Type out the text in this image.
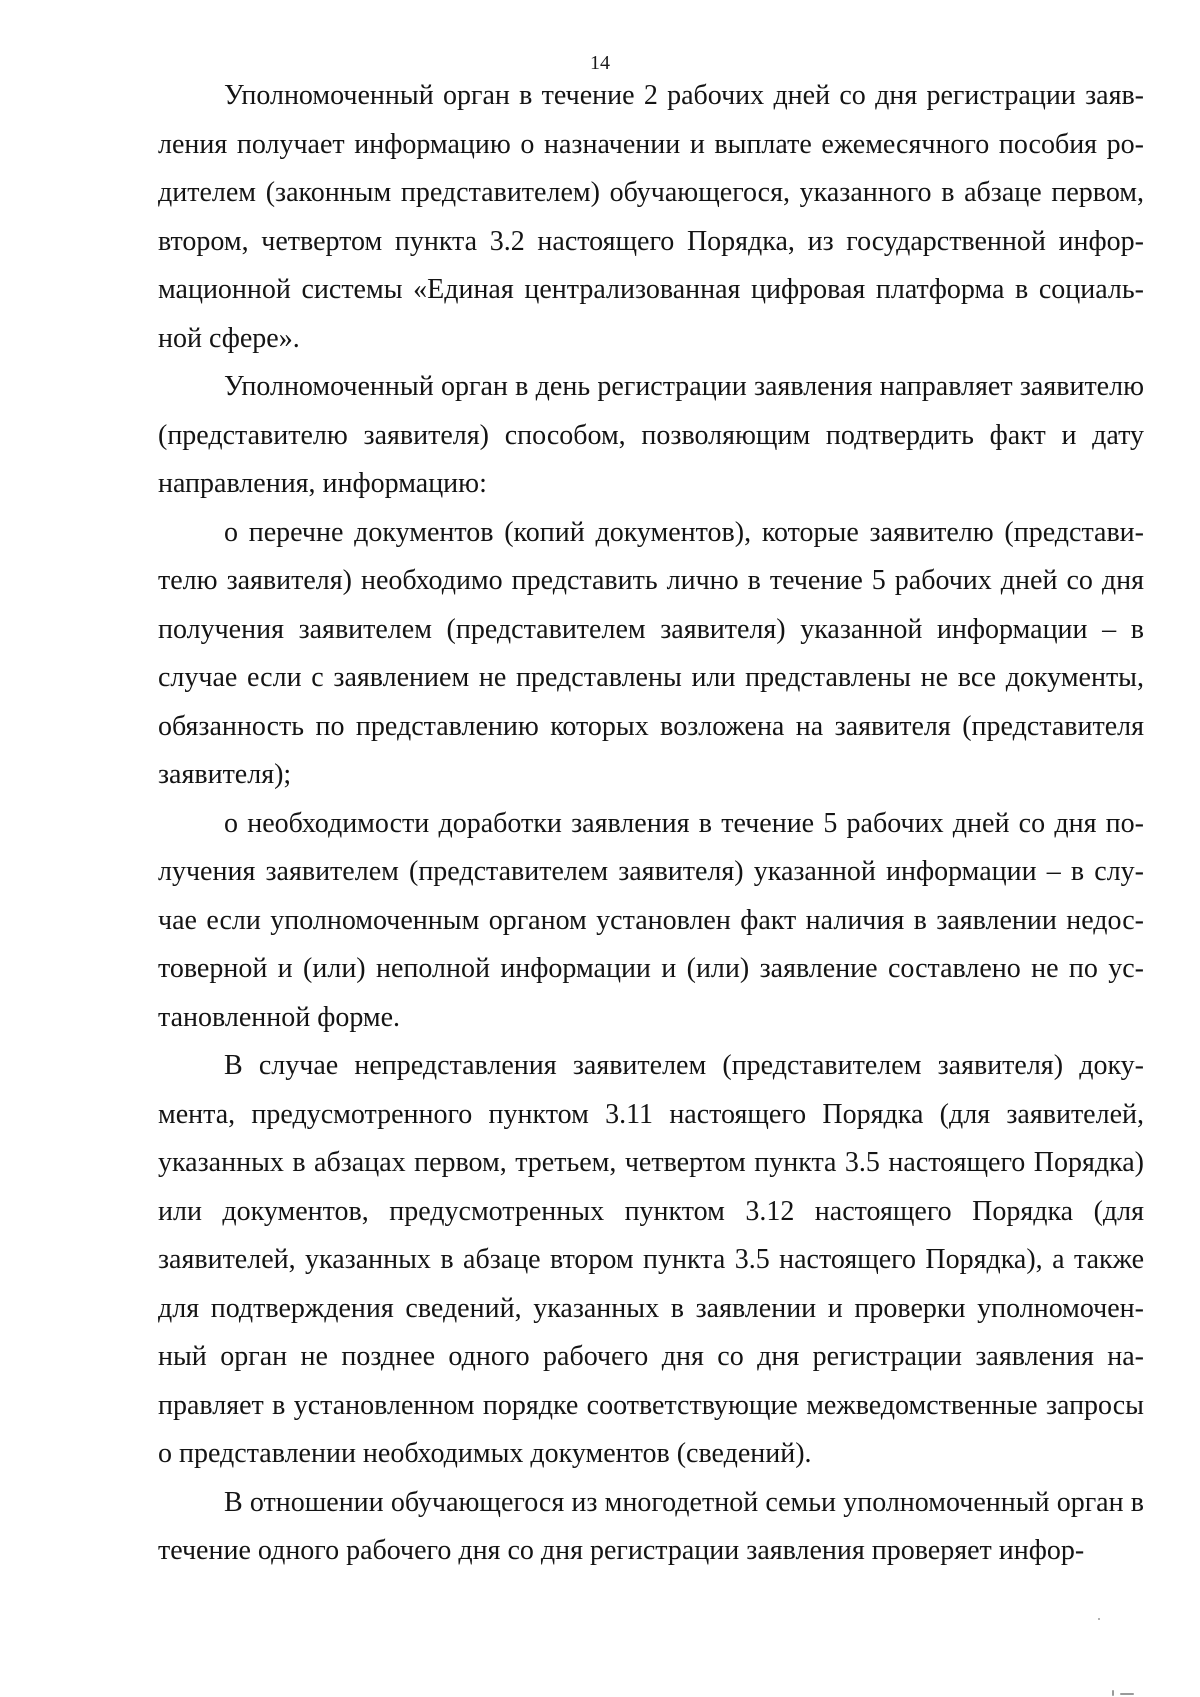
14

Уполномоченный орган в течение 2 рабочих дней со дня регистрации заявления получает информацию о назначении и выплате ежемесячного пособия родителем (законным представителем) обучающегося, указанного в абзаце первом, втором, четвертом пункта 3.2 настоящего Порядка, из государственной информационной системы «Единая централизованная цифровая платформа в социальной сфере».

Уполномоченный орган в день регистрации заявления направляет заявителю (представителю заявителя) способом, позволяющим подтвердить факт и дату направления, информацию:

о перечне документов (копий документов), которые заявителю (представителю заявителя) необходимо представить лично в течение 5 рабочих дней со дня получения заявителем (представителем заявителя) указанной информации – в случае если с заявлением не представлены или представлены не все документы, обязанность по представлению которых возложена на заявителя (представителя заявителя);

о необходимости доработки заявления в течение 5 рабочих дней со дня получения заявителем (представителем заявителя) указанной информации – в случае если уполномоченным органом установлен факт наличия в заявлении недостоверной и (или) неполной информации и (или) заявление составлено не по установленной форме.

В случае непредставления заявителем (представителем заявителя) документа, предусмотренного пунктом 3.11 настоящего Порядка (для заявителей, указанных в абзацах первом, третьем, четвертом пункта 3.5 настоящего Порядка) или документов, предусмотренных пунктом 3.12 настоящего Порядка (для заявителей, указанных в абзаце втором пункта 3.5 настоящего Порядка), а также для подтверждения сведений, указанных в заявлении и проверки уполномоченный орган не позднее одного рабочего дня со дня регистрации заявления направляет в установленном порядке соответствующие межведомственные запросы о представлении необходимых документов (сведений).

В отношении обучающегося из многодетной семьи уполномоченный орган в течение одного рабочего дня со дня регистрации заявления проверяет инфор-
